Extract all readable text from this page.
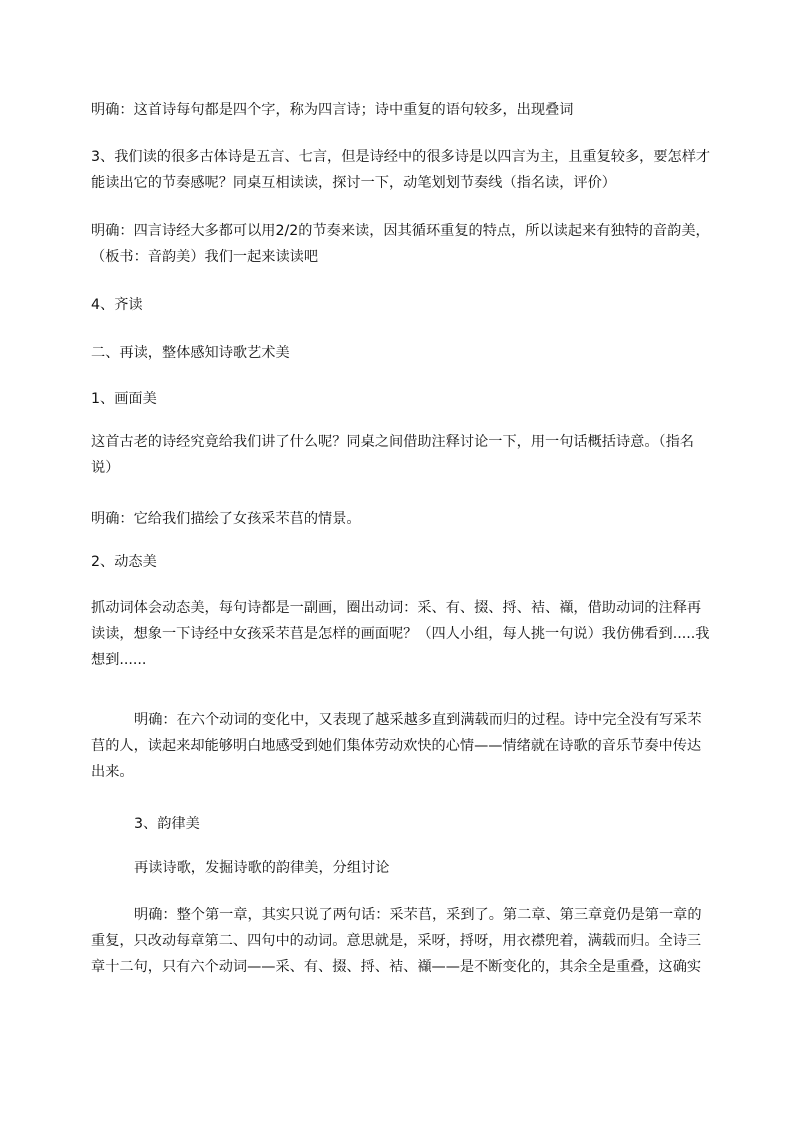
明确：这首诗每句都是四个字，称为四言诗；诗中重复的语句较多，出现叠词

3、我们读的很多古体诗是五言、七言，但是诗经中的很多诗是以四言为主，且重复较多，要怎样才能读出它的节奏感呢？同桌互相读读，探讨一下，动笔划划节奏线（指名读，评价）

明确：四言诗经大多都可以用2/2的节奏来读，因其循环重复的特点，所以读起来有独特的音韵美，（板书：音韵美）我们一起来读读吧

4、齐读

二、再读，整体感知诗歌艺术美

1、画面美

这首古老的诗经究竟给我们讲了什么呢？同桌之间借助注释讨论一下，用一句话概括诗意。（指名说）

明确：它给我们描绘了女孩采芣苢的情景。

2、动态美

抓动词体会动态美，每句诗都是一副画，圈出动词：采、有、掇、捋、袺、襭，借助动词的注释再读读，想象一下诗经中女孩采芣苢是怎样的画面呢？（四人小组，每人挑一句说）我仿佛看到.....我想到......

明确：在六个动词的变化中，又表现了越采越多直到满载而归的过程。诗中完全没有写采芣苢的人，读起来却能够明白地感受到她们集体劳动欢快的心情——情绪就在诗歌的音乐节奏中传达出来。

3、韵律美

再读诗歌，发掘诗歌的韵律美，分组讨论

明确：整个第一章，其实只说了两句话：采芣苢，采到了。第二章、第三章竟仍是第一章的重复，只改动每章第二、四句中的动词。意思就是，采呀，捋呀，用衣襟兜着，满载而归。全诗三章十二句，只有六个动词——采、有、掇、捋、袺、襭——是不断变化的，其余全是重叠，这确实
